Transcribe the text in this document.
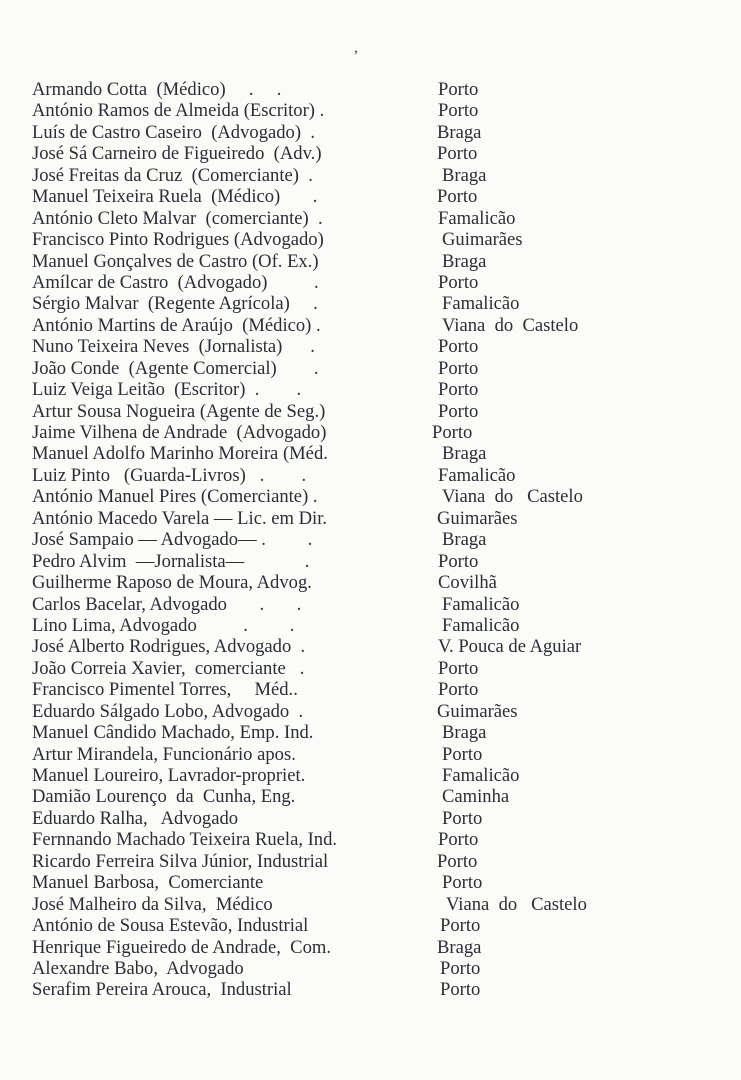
,
Armando Cotta  (Médico)     .     .	Porto
António Ramos de Almeida (Escritor) .	Porto
Luís de Castro Caseiro  (Advogado)  .	Braga
José Sá Carneiro de Figueiredo  (Adv.)	Porto
José Freitas da Cruz  (Comerciante)  .	Braga
Manuel Teixeira Ruela  (Médico)       .	Porto
António Cleto Malvar  (comerciante)  .	Famalicão
Francisco Pinto Rodrigues (Advogado)	Guimarães
Manuel Gonçalves de Castro (Of. Ex.)	Braga
Amílcar de Castro  (Advogado)          .	Porto
Sérgio Malvar  (Regente Agrícola)     .	Famalicão
António Martins de Araújo  (Médico) .	Viana  do  Castelo
Nuno Teixeira Neves  (Jornalista)      .	Porto
João Conde  (Agente Comercial)        .	Porto
Luiz Veiga Leitão  (Escritor)  .        .	Porto
Artur Sousa Nogueira (Agente de Seg.)	Porto
Jaime Vilhena de Andrade  (Advogado)	Porto
Manuel Adolfo Marinho Moreira (Méd.	Braga
Luiz Pinto   (Guarda-Livros)   .        .	Famalicão
António Manuel Pires (Comerciante) .	Viana  do   Castelo
António Macedo Varela — Lic. em Dir.	Guimarães
José Sampaio — Advogado— .         .	Braga
Pedro Alvim  —Jornalista—             .	Porto
Guilherme Raposo de Moura, Advog.	Covilhã
Carlos Bacelar, Advogado       .       .	Famalicão
Lino Lima, Advogado          .         .	Famalicão
José Alberto Rodrigues, Advogado  .	V. Pouca de Aguiar
João Correia Xavier,  comerciante   .	Porto
Francisco Pimentel Torres,     Méd..	Porto
Eduardo Sálgado Lobo, Advogado  .	Guimarães
Manuel Cândido Machado, Emp. Ind.	Braga
Artur Mirandela, Funcionário apos.	Porto
Manuel Loureiro, Lavrador-propriet.	Famalicão
Damião Lourenço  da  Cunha, Eng.	Caminha
Eduardo Ralha,   Advogado	Porto
Fernnando Machado Teixeira Ruela, Ind.	Porto
Ricardo Ferreira Silva Júnior, Industrial	Porto
Manuel Barbosa,  Comerciante	Porto
José Malheiro da Silva,  Médico	Viana  do   Castelo
António de Sousa Estevão, Industrial	Porto
Henrique Figueiredo de Andrade,  Com.	Braga
Alexandre Babo,  Advogado	Porto
Serafim Pereira Arouca,  Industrial	Porto
